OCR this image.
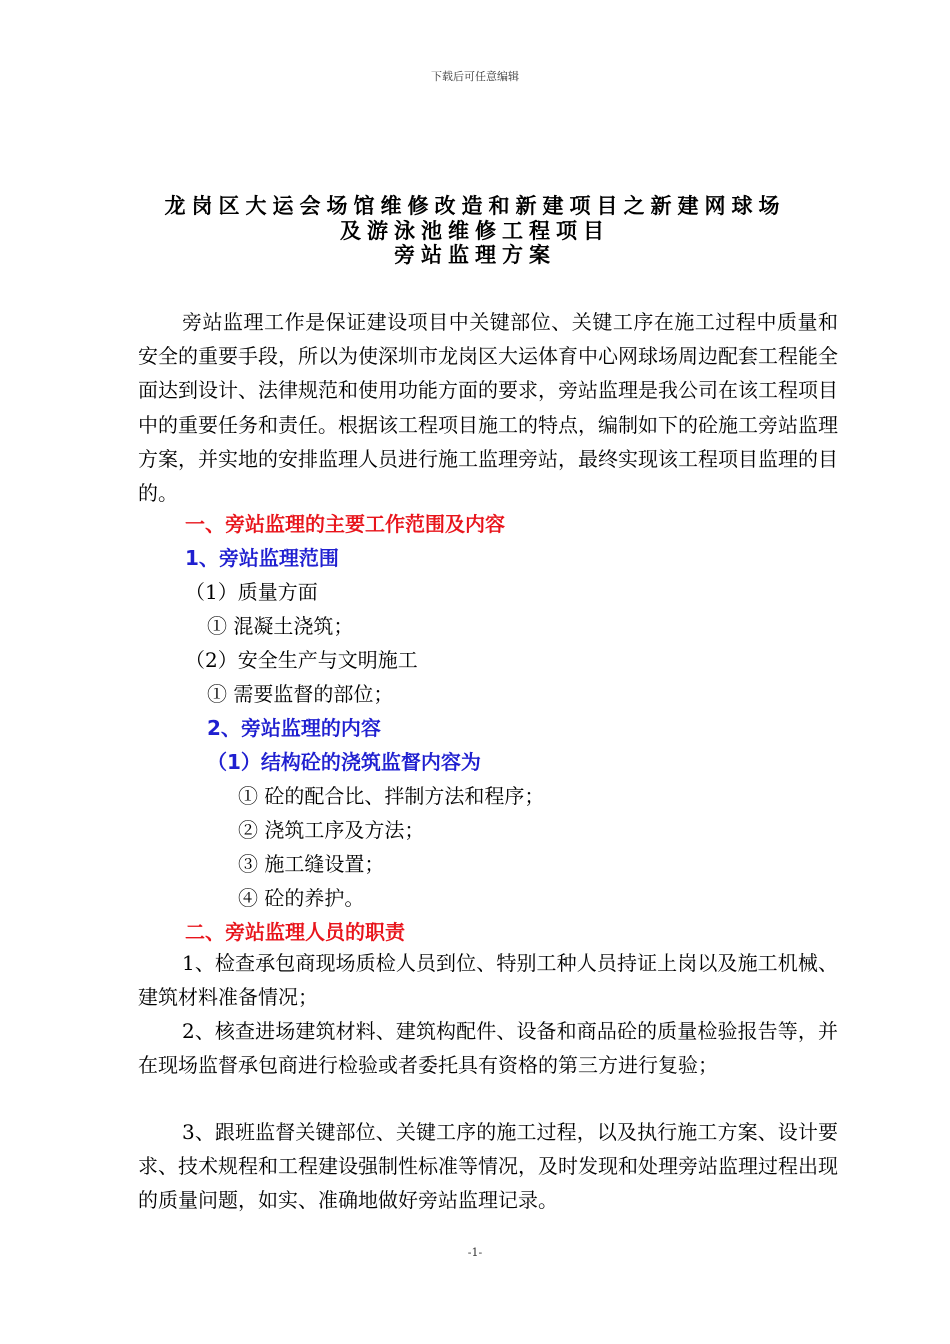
下载后可任意编辑
龙岗区大运会场馆维修改造和新建项目之新建网球场
及游泳池维修工程项目
旁站监理方案

旁站监理工作是保证建设项目中关键部位、关键工序在施工过程中质量和安全的重要手段，所以为使深圳市龙岗区大运体育中心网球场周边配套工程能全面达到设计、法律规范和使用功能方面的要求，旁站监理是我公司在该工程项目中的重要任务和责任。根据该工程项目施工的特点，编制如下的砼施工旁站监理方案，并实地的安排监理人员进行施工监理旁站，最终实现该工程项目监理的目的。

一、旁站监理的主要工作范围及内容
1、旁站监理范围
（1）质量方面
① 混凝土浇筑；
（2）安全生产与文明施工
① 需要监督的部位；
2、旁站监理的内容
（1）结构砼的浇筑监督内容为
① 砼的配合比、拌制方法和程序；
② 浇筑工序及方法；
③ 施工缝设置；
④ 砼的养护。
二、旁站监理人员的职责

1、检查承包商现场质检人员到位、特别工种人员持证上岗以及施工机械、建筑材料准备情况；

2、核查进场建筑材料、建筑构配件、设备和商品砼的质量检验报告等，并在现场监督承包商进行检验或者委托具有资格的第三方进行复验；

3、跟班监督关键部位、关键工序的施工过程，以及执行施工方案、设计要求、技术规程和工程建设强制性标准等情况，及时发现和处理旁站监理过程出现的质量问题，如实、准确地做好旁站监理记录。

-1-
